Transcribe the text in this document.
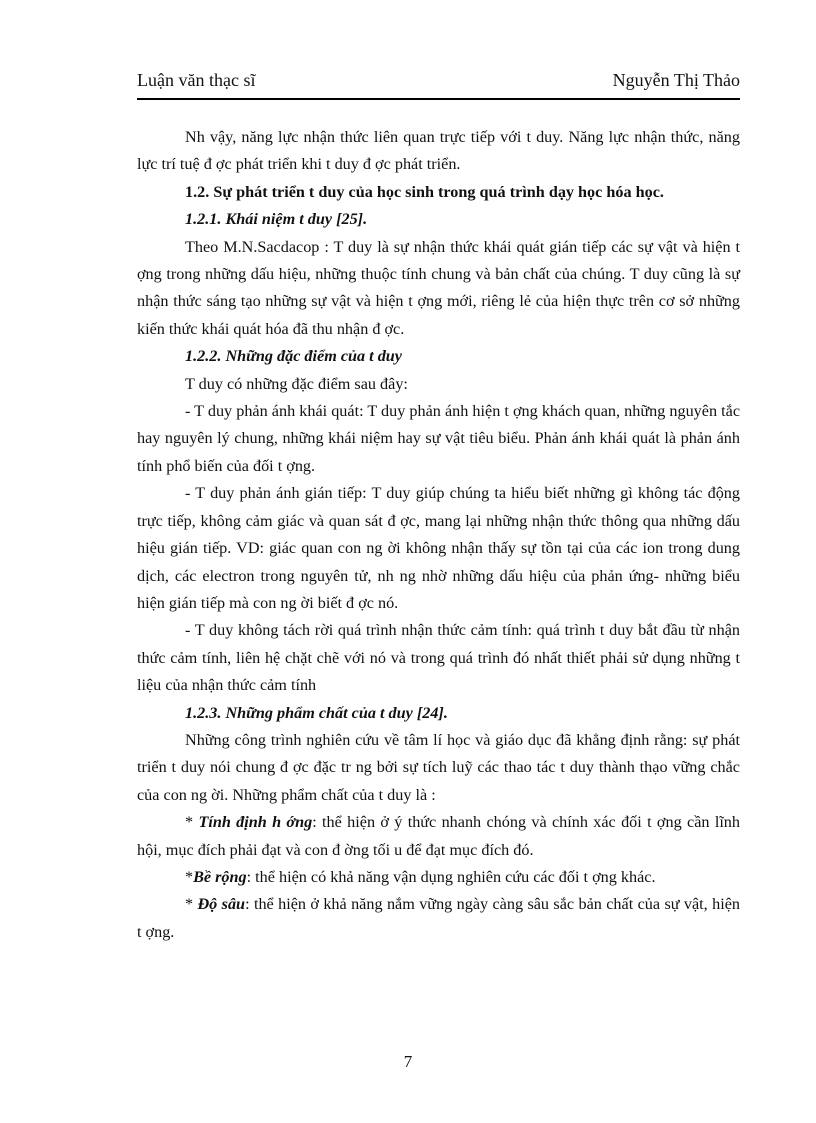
Luận văn thạc sĩ	Nguyễn Thị Thảo

Nh vậy, năng lực nhận thức liên quan trực tiếp với t duy. Năng lực nhận thức, năng lực trí tuệ đ ợc phát triển khi t duy đ ợc phát triển.

1.2. Sự phát triển t duy của học sinh trong quá trình dạy học hóa học.

1.2.1. Khái niệm t duy [25].

Theo M.N.Sacdacop : T duy là sự nhận thức khái quát gián tiếp các sự vật và hiện t ợng trong những dấu hiệu, những thuộc tính chung và bản chất của chúng. T duy cũng là sự nhận thức sáng tạo những sự vật và hiện t ợng mới, riêng lẻ của hiện thực trên cơ sở những kiến thức khái quát hóa đã thu nhận đ ợc.

1.2.2. Những đặc điểm của t duy

T duy có những đặc điểm sau đây:

- T duy phản ánh khái quát: T duy phản ánh hiện t ợng khách quan, những nguyên tắc hay nguyên lý chung, những khái niệm hay sự vật tiêu biểu. Phản ánh khái quát là phản ánh tính phổ biến của đối t ợng.

- T duy phản ánh gián tiếp: T duy giúp chúng ta hiểu biết những gì không tác động trực tiếp, không cảm giác và quan sát đ ợc, mang lại những nhận thức thông qua những dấu hiệu gián tiếp. VD: giác quan con ng ời không nhận thấy sự tồn tại của các ion trong dung dịch, các electron trong nguyên tử, nh ng nhờ những dấu hiệu của phản ứng- những biểu hiện gián tiếp mà con ng ời biết đ ợc nó.

- T duy không tách rời quá trình nhận thức cảm tính: quá trình t duy bắt đầu từ nhận thức cảm tính, liên hệ chặt chẽ với nó và trong quá trình đó nhất thiết phải sử dụng những t liệu của nhận thức cảm tính

1.2.3. Những phẩm chất của t duy [24].

Những công trình nghiên cứu về tâm lí học và giáo dục đã khẳng định rằng: sự phát triển t duy nói chung đ ợc đặc tr ng bởi sự tích luỹ các thao tác t duy thành thạo vững chắc của con ng ời. Những phẩm chất của t duy là :

* Tính định h ớng: thể hiện ở ý thức nhanh chóng và chính xác đối t ợng cần lĩnh hội, mục đích phải đạt và con đ ờng tối u để đạt mục đích đó.

*Bề rộng: thể hiện có khả năng vận dụng nghiên cứu các đối t ợng khác.

* Độ sâu: thể hiện ở khả năng nắm vững ngày càng sâu sắc bản chất của sự vật, hiện t ợng.

7
